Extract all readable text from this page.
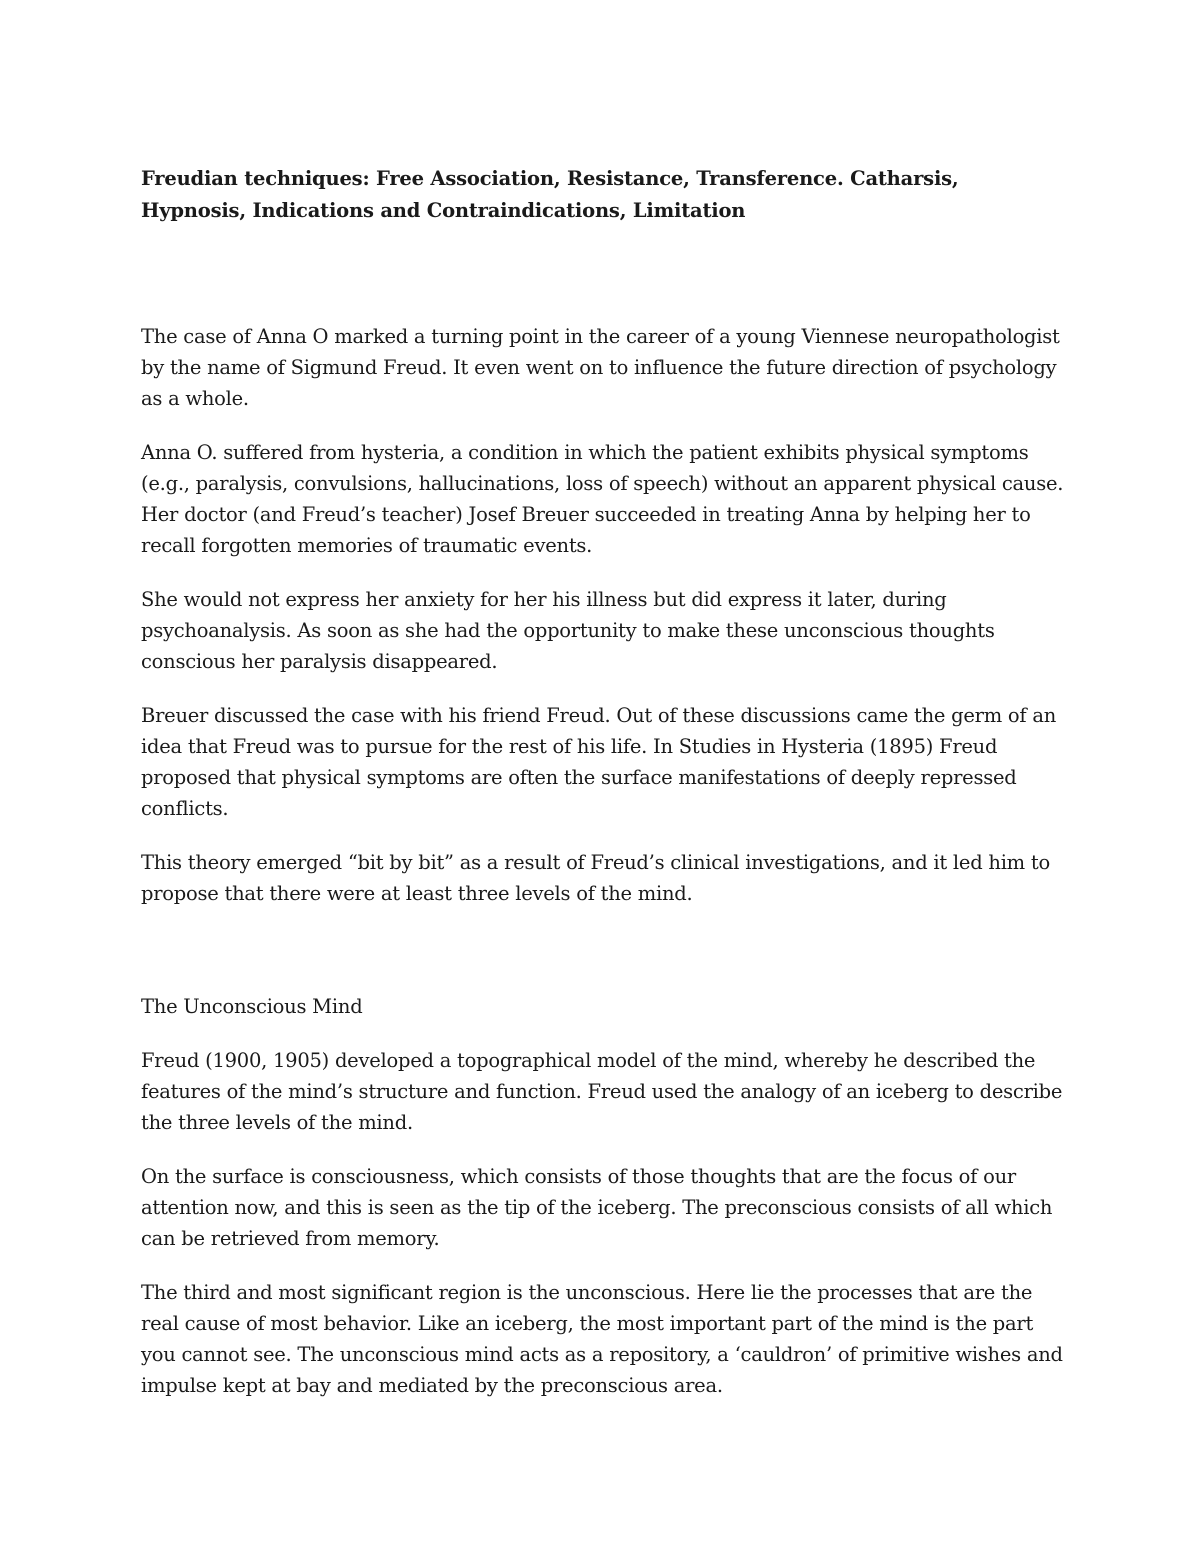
Freudian techniques: Free Association, Resistance, Transference. Catharsis, Hypnosis, Indications and Contraindications, Limitation

The case of Anna O marked a turning point in the career of a young Viennese neuropathologist by the name of Sigmund Freud. It even went on to influence the future direction of psychology as a whole.

Anna O. suffered from hysteria, a condition in which the patient exhibits physical symptoms (e.g., paralysis, convulsions, hallucinations, loss of speech) without an apparent physical cause. Her doctor (and Freud’s teacher) Josef Breuer succeeded in treating Anna by helping her to recall forgotten memories of traumatic events.

She would not express her anxiety for her his illness but did express it later, during psychoanalysis. As soon as she had the opportunity to make these unconscious thoughts conscious her paralysis disappeared.

Breuer discussed the case with his friend Freud. Out of these discussions came the germ of an idea that Freud was to pursue for the rest of his life. In Studies in Hysteria (1895) Freud proposed that physical symptoms are often the surface manifestations of deeply repressed conflicts.

This theory emerged “bit by bit” as a result of Freud’s clinical investigations, and it led him to propose that there were at least three levels of the mind.

The Unconscious Mind

Freud (1900, 1905) developed a topographical model of the mind, whereby he described the features of the mind’s structure and function. Freud used the analogy of an iceberg to describe the three levels of the mind.

On the surface is consciousness, which consists of those thoughts that are the focus of our attention now, and this is seen as the tip of the iceberg. The preconscious consists of all which can be retrieved from memory.

The third and most significant region is the unconscious. Here lie the processes that are the real cause of most behavior. Like an iceberg, the most important part of the mind is the part you cannot see. The unconscious mind acts as a repository, a ‘cauldron’ of primitive wishes and impulse kept at bay and mediated by the preconscious area.
